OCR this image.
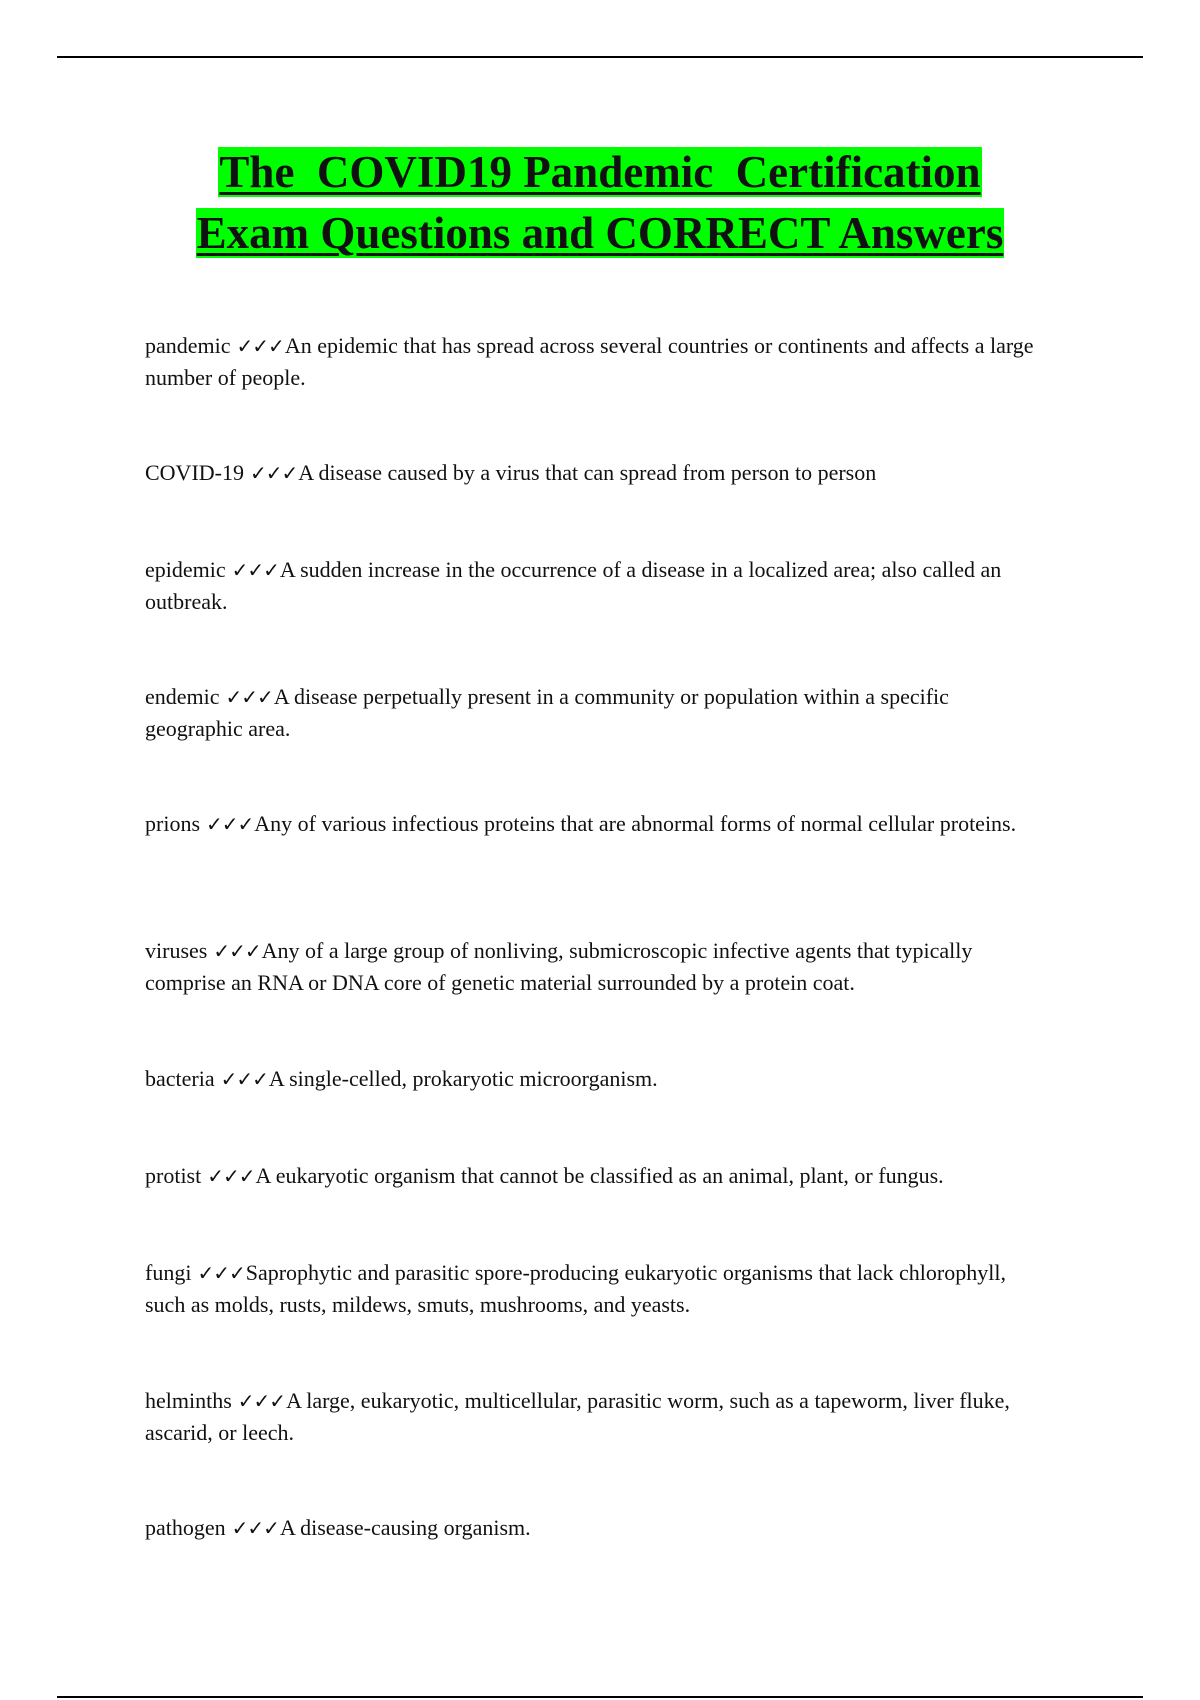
The  COVID19 Pandemic  Certification
Exam Questions and CORRECT Answers
pandemic ✓✓✓An epidemic that has spread across several countries or continents and affects a large number of people.
COVID-19 ✓✓✓A disease caused by a virus that can spread from person to person
epidemic ✓✓✓A sudden increase in the occurrence of a disease in a localized area; also called an outbreak.
endemic ✓✓✓A disease perpetually present in a community or population within a specific geographic area.
prions ✓✓✓Any of various infectious proteins that are abnormal forms of normal cellular proteins.
viruses ✓✓✓Any of a large group of nonliving, submicroscopic infective agents that typically comprise an RNA or DNA core of genetic material surrounded by a protein coat.
bacteria ✓✓✓A single-celled, prokaryotic microorganism.
protist ✓✓✓A eukaryotic organism that cannot be classified as an animal, plant, or fungus.
fungi ✓✓✓Saprophytic and parasitic spore-producing eukaryotic organisms that lack chlorophyll, such as molds, rusts, mildews, smuts, mushrooms, and yeasts.
helminths ✓✓✓A large, eukaryotic, multicellular, parasitic worm, such as a tapeworm, liver fluke, ascarid, or leech.
pathogen ✓✓✓A disease-causing organism.
